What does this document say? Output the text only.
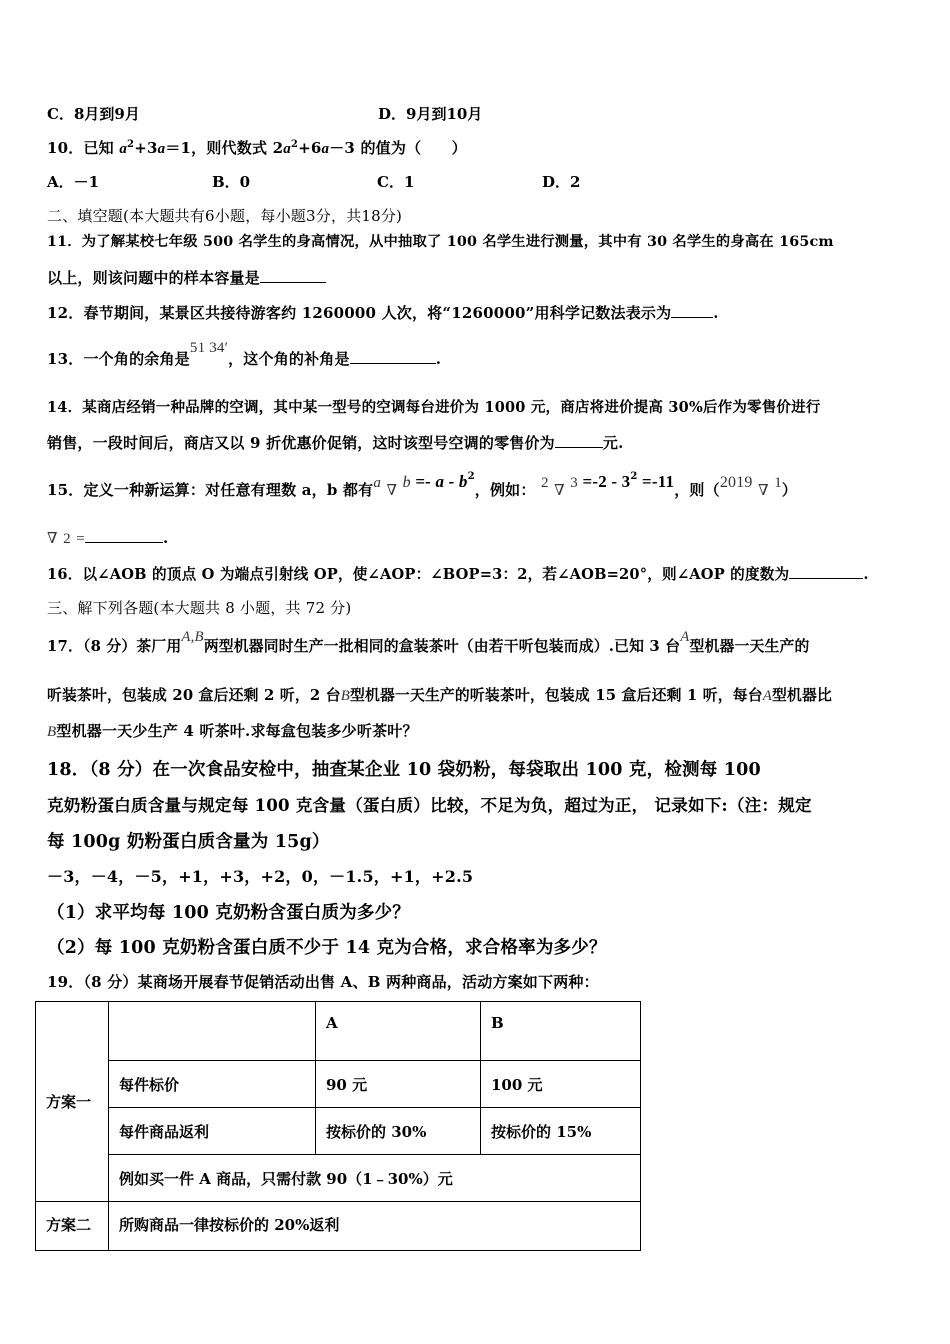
C．8月到9月	D．9月到10月
10．已知 $a^2+3a=1$，则代数式 $2a^2+6a-3$ 的值为（　　）
A．－1	B．0	C．1	D．2
二、填空题(本大题共有6小题，每小题3分，共18分)
11．为了解某校七年级 500 名学生的身高情况，从中抽取了 100 名学生进行测量，其中有 30 名学生的身高在 165cm
以上，则该问题中的样本容量是
12．春节期间，某景区共接待游客约 1260000 人次，将“1260000”用科学记数法表示为	.
13．一个角的余角是51 34′，这个角的补角是	.
14．某商店经销一种品牌的空调，其中某一型号的空调每台进价为 1000 元，商店将进价提高 30%后作为零售价进行
销售，一段时间后，商店又以 9 折优惠价促销，这时该型号空调的零售价为	元.
15．定义一种新运算：对任意有理数 a，b 都有a ∇ $b =- a - b^2$，例如： 2 ∇ $3 =-2 - 3^2 =-11$，则（2019 ∇ 1）
∇ 2 =	.
16．以∠AOB 的顶点 O 为端点引射线 OP，使∠AOP：∠BOP=3：2，若∠AOB=20°，则∠AOP 的度数为	.
三、解下列各题(本大题共 8 小题，共 72 分)
17．（8 分）茶厂用A,B两型机器同时生产一批相同的盒装茶叶（由若干听包装而成）.已知 3 台A型机器一天生产的
听装茶叶，包装成 20 盒后还剩 2 听，2 台B型机器一天生产的听装茶叶，包装成 15 盒后还剩 1 听，每台A型机器比
B型机器一天少生产 4 听茶叶.求每盒包装多少听茶叶？
18．（8 分）在一次食品安检中，抽查某企业 10 袋奶粉，每袋取出 100 克，检测每 100
克奶粉蛋白质含量与规定每 100 克含量（蛋白质）比较，不足为负，超过为正， 记录如下:（注：规定
每 100g 奶粉蛋白质含量为 15g）
－3，－4，－5，+1，+3，+2，0，－1.5，+1，+2.5
（1）求平均每 100 克奶粉含蛋白质为多少？
（2）每 100 克奶粉含蛋白质不少于 14 克为合格，求合格率为多少？
19．（8 分）某商场开展春节促销活动出售 A、B 两种商品，活动方案如下两种：
方案一		A	B
	每件标价	90 元	100 元
	每件商品返利	按标价的 30%	按标价的 15%
	例如买一件 A 商品，只需付款 90（1﹣30%）元		
方案二	所购商品一律按标价的 20%返利		
